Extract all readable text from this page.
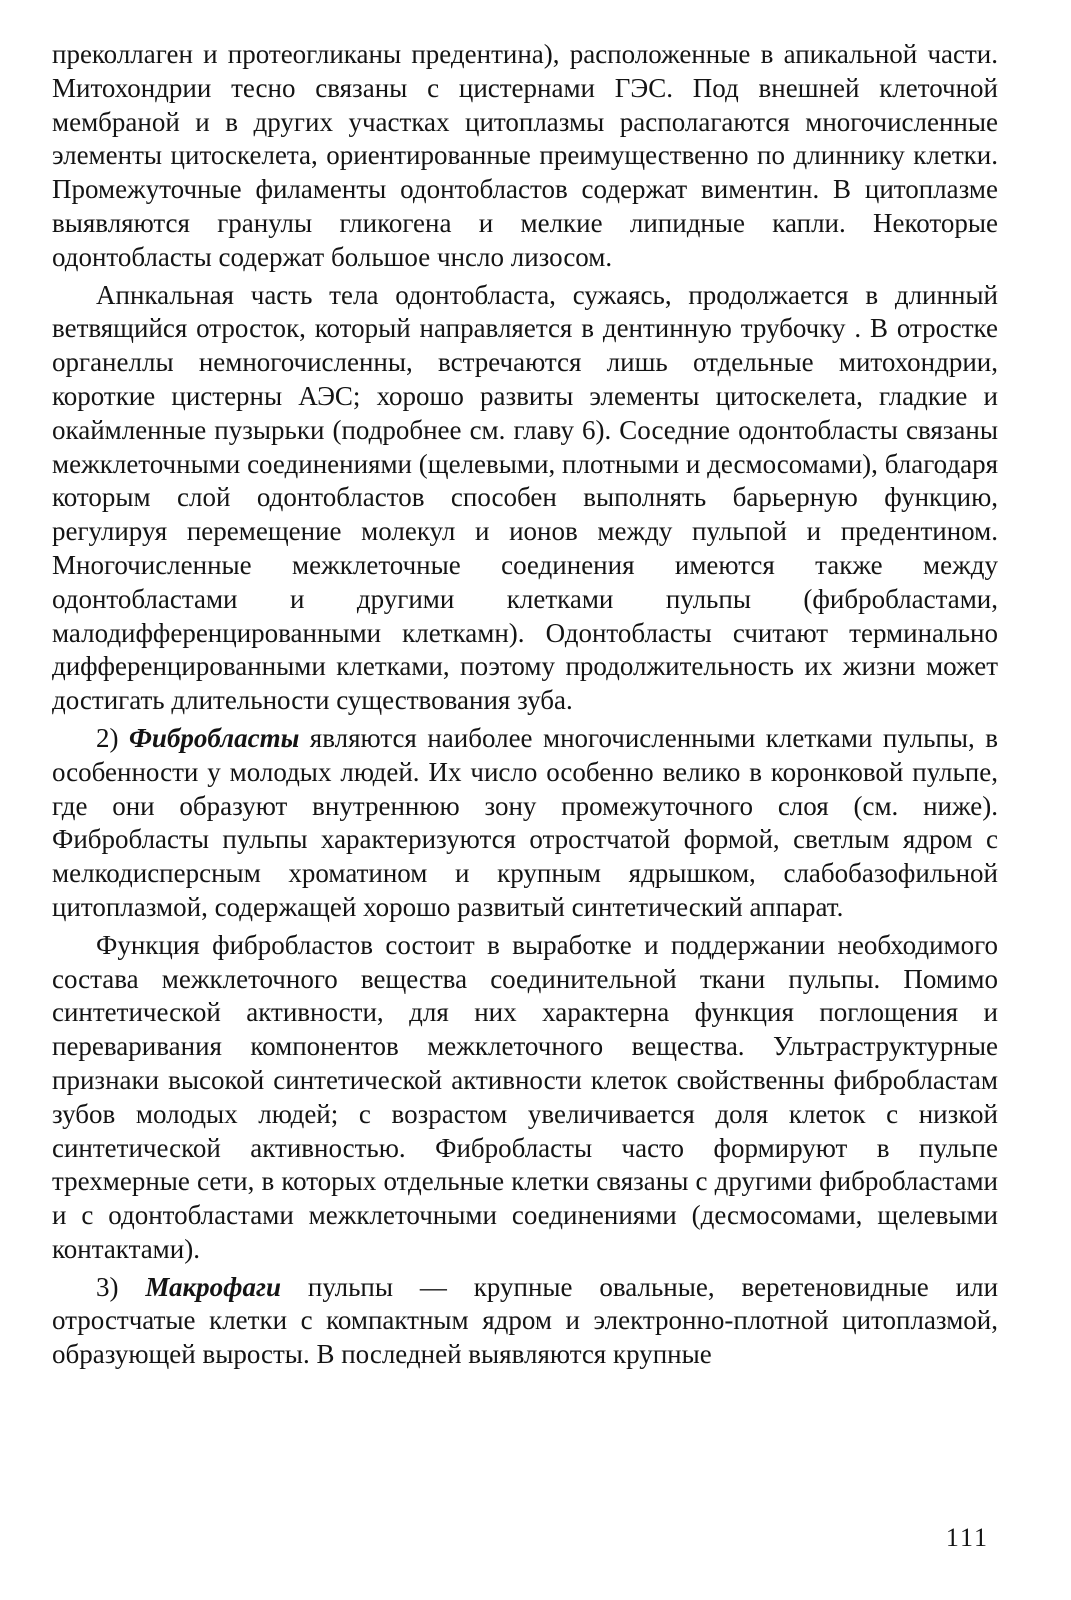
преколлаген и протеогликаны предентина), расположенные в апикальной части. Митохондрии тесно связаны с цистернами ГЭС. Под внешней клеточной мембраной и в других участках цитоплазмы располагаются многочисленные элементы цитоскелета, ориентированные преимущественно по длиннику клетки. Промежуточные филаменты одонтобластов содержат виментин. В цитоплазме выявляются гранулы гликогена и мелкие липидные капли. Некоторые одонтобласты содержат большое чнсло лизосом.

Апнкальная часть тела одонтобласта, сужаясь, продолжается в длинный ветвящийся отросток, который направляется в дентинную трубочку . В отростке органеллы немногочисленны, встречаются лишь отдельные митохондрии, короткие цистерны АЭС; хорошо развиты элементы цитоскелета, гладкие и окаймленные пузырьки (подробнее см. главу 6). Соседние одонтобласты связаны межклеточными соединениями (щелевыми, плотными и десмосомами), благодаря которым слой одонтобластов способен выполнять барьерную функцию, регулируя перемещение молекул и ионов между пульпой и предентином. Многочисленные межклеточные соединения имеются также между одонтобластами и другими клетками пульпы (фибробластами, малодифференцированными клеткамн). Одонтобласты считают терминально дифференцированными клетками, поэтому продолжительность их жизни может достигать длительности существования зуба.

2) Фибробласты являются наиболее многочисленными клетками пульпы, в особенности у молодых людей. Их число особенно велико в коронковой пульпе, где они образуют внутреннюю зону промежуточного слоя (см. ниже). Фибробласты пульпы характеризуются отростчатой формой, светлым ядром с мелкодисперсным хроматином и крупным ядрышком, слабобазофильной цитоплазмой, содержащей хорошо развитый синтетический аппарат.

Функция фибробластов состоит в выработке и поддержании необходимого состава межклеточного вещества соединительной ткани пульпы. Помимо синтетической активности, для них характерна функция поглощения и переваривания компонентов межклеточного вещества. Ультраструктурные признаки высокой синтетической активности клеток свойственны фибробластам зубов молодых людей; с возрастом увеличивается доля клеток с низкой синтетической активностью. Фибробласты часто формируют в пульпе трехмерные сети, в которых отдельные клетки связаны с другими фибробластами и с одонтобластами межклеточными соединениями (десмосомами, щелевыми контактами).

3) Макрофаги пульпы — крупные овальные, веретеновидные или отростчатые клетки с компактным ядром и электронно-плотной цитоплазмой, образующей выросты. В последней выявляются крупные

111
